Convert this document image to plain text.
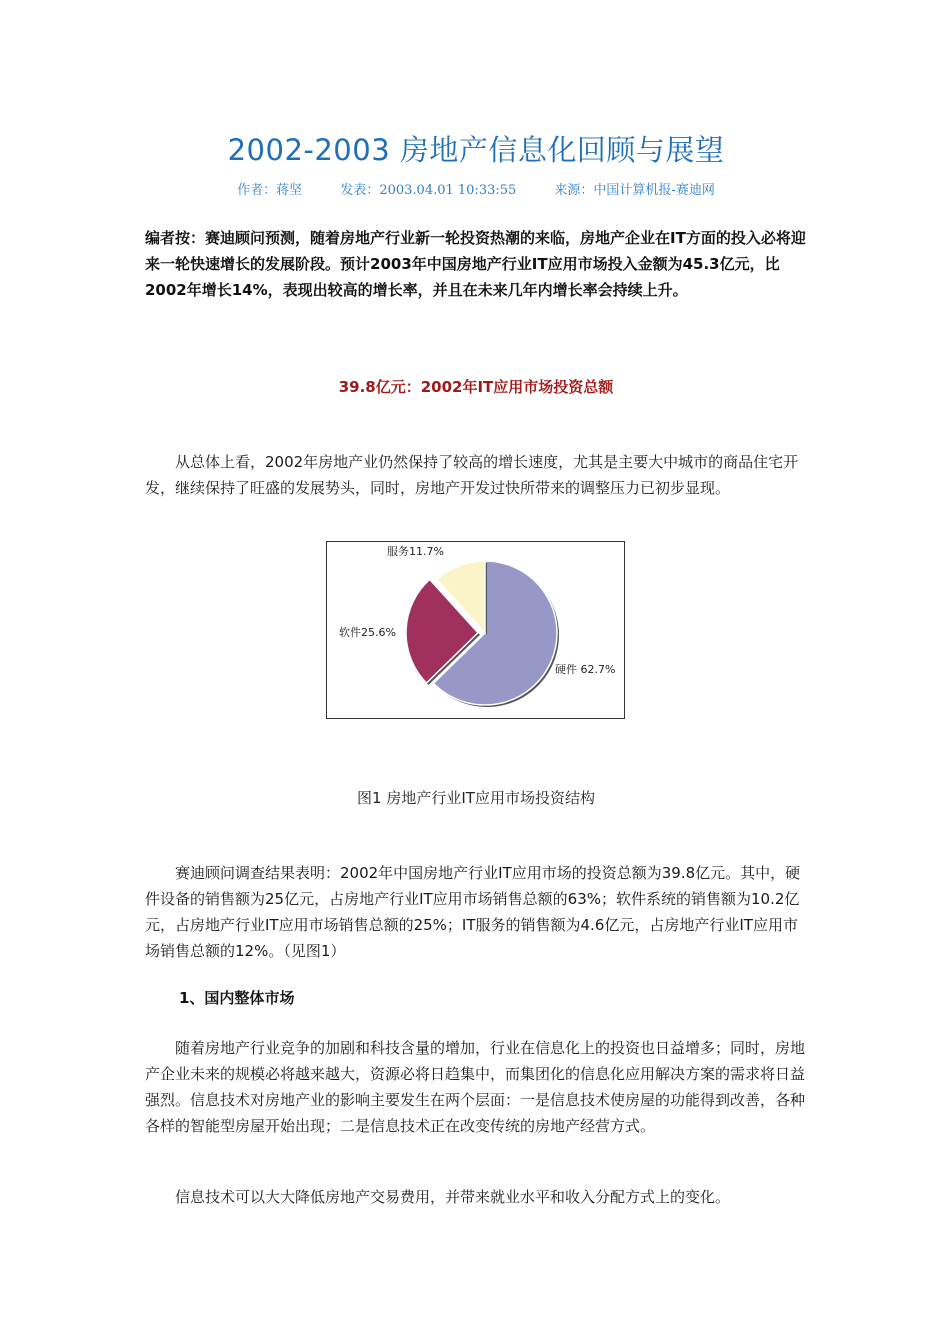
2002-2003 房地产信息化回顾与展望
作者：蒋坚	发表：2003.04.01 10:33:55	来源：中国计算机报-赛迪网
编者按：赛迪顾问预测，随着房地产行业新一轮投资热潮的来临，房地产企业在IT方面的投入必将迎来一轮快速增长的发展阶段。预计2003年中国房地产行业IT应用市场投入金额为45.3亿元，比2002年增长14%，表现出较高的增长率，并且在未来几年内增长率会持续上升。
39.8亿元：2002年IT应用市场投资总额
从总体上看，2002年房地产业仍然保持了较高的增长速度，尤其是主要大中城市的商品住宅开发，继续保持了旺盛的发展势头，同时，房地产开发过快所带来的调整压力已初步显现。
图1 房地产行业IT应用市场投资结构
赛迪顾问调查结果表明：2002年中国房地产行业IT应用市场的投资总额为39.8亿元。其中，硬件设备的销售额为25亿元，占房地产行业IT应用市场销售总额的63%；软件系统的销售额为10.2亿元，占房地产行业IT应用市场销售总额的25%；IT服务的销售额为4.6亿元，占房地产行业IT应用市场销售总额的12%。（见图1）
1、国内整体市场
随着房地产行业竞争的加剧和科技含量的增加，行业在信息化上的投资也日益增多；同时，房地产企业未来的规模必将越来越大，资源必将日趋集中，而集团化的信息化应用解决方案的需求将日益强烈。信息技术对房地产业的影响主要发生在两个层面：一是信息技术使房屋的功能得到改善，各种各样的智能型房屋开始出现；二是信息技术正在改变传统的房地产经营方式。
信息技术可以大大降低房地产交易费用，并带来就业水平和收入分配方式上的变化。
硬件 62.7%
软件25.6%
服务11.7%
